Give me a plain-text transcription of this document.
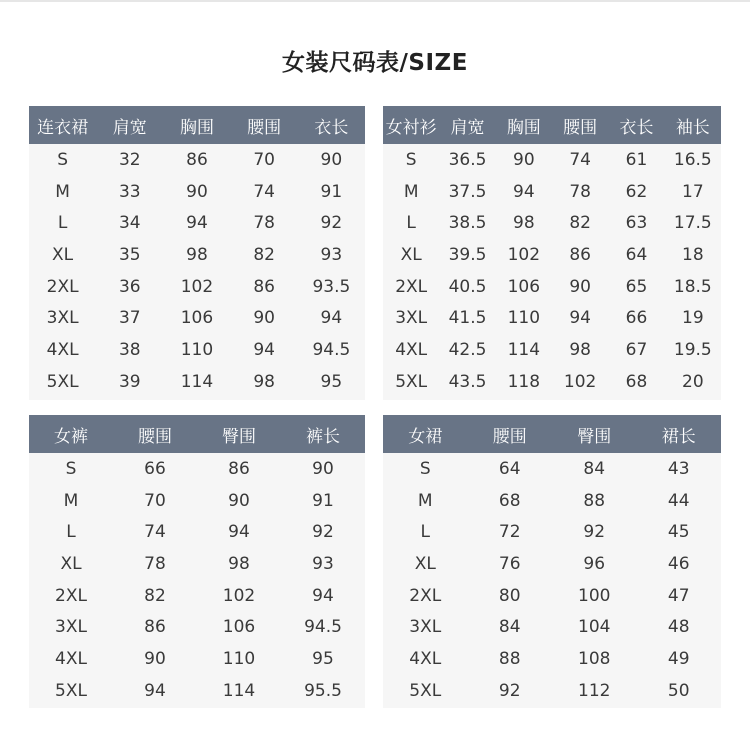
女装尺码表/SIZE
连衣裙	肩宽	胸围	腰围	衣长
S	32	86	70	90
M	33	90	74	91
L	34	94	78	92
XL	35	98	82	93
2XL	36	102	86	93.5
3XL	37	106	90	94
4XL	38	110	94	94.5
5XL	39	114	98	95
女衬衫	肩宽	胸围	腰围	衣长	袖长
S	36.5	90	74	61	16.5
M	37.5	94	78	62	17
L	38.5	98	82	63	17.5
XL	39.5	102	86	64	18
2XL	40.5	106	90	65	18.5
3XL	41.5	110	94	66	19
4XL	42.5	114	98	67	19.5
5XL	43.5	118	102	68	20
女裤	腰围	臀围	裤长
S	66	86	90
M	70	90	91
L	74	94	92
XL	78	98	93
2XL	82	102	94
3XL	86	106	94.5
4XL	90	110	95
5XL	94	114	95.5
女裙	腰围	臀围	裙长
S	64	84	43
M	68	88	44
L	72	92	45
XL	76	96	46
2XL	80	100	47
3XL	84	104	48
4XL	88	108	49
5XL	92	112	50
